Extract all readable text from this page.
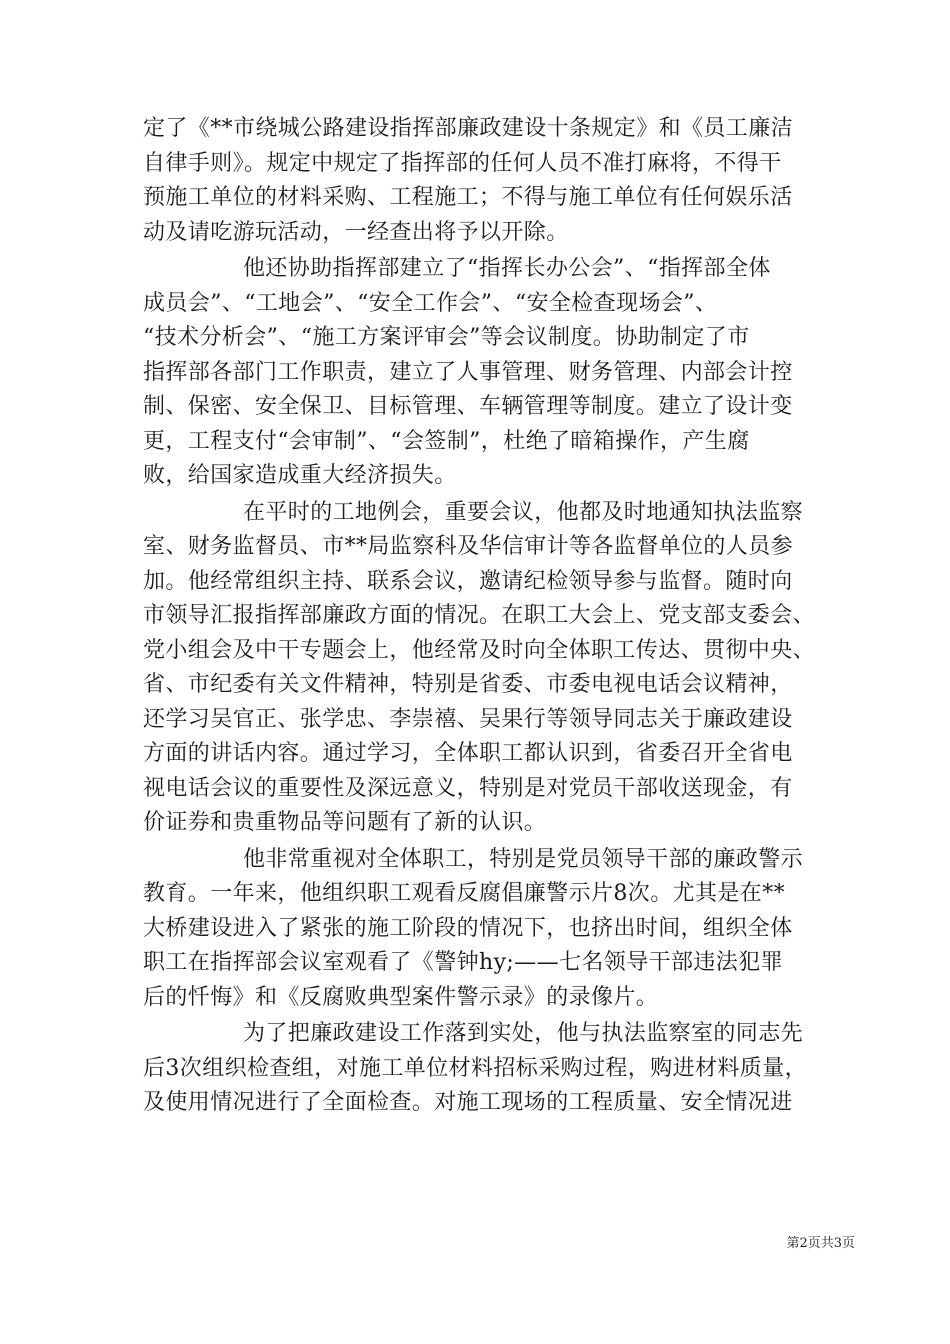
定了《**市绕城公路建设指挥部廉政建设十条规定》和《员工廉洁
自律手则》。规定中规定了指挥部的任何人员不准打麻将，不得干
预施工单位的材料采购、工程施工；不得与施工单位有任何娱乐活
动及请吃游玩活动，一经查出将予以开除。

他还协助指挥部建立了“指挥长办公会”、“指挥部全体
成员会”、“工地会”、“安全工作会”、“安全检查现场会”、
“技术分析会”、“施工方案评审会”等会议制度。协助制定了市
指挥部各部门工作职责，建立了人事管理、财务管理、内部会计控
制、保密、安全保卫、目标管理、车辆管理等制度。建立了设计变
更，工程支付“会审制”、“会签制”，杜绝了暗箱操作，产生腐
败，给国家造成重大经济损失。

在平时的工地例会，重要会议，他都及时地通知执法监察
室、财务监督员、市**局监察科及华信审计等各监督单位的人员参
加。他经常组织主持、联系会议，邀请纪检领导参与监督。随时向
市领导汇报指挥部廉政方面的情况。在职工大会上、党支部支委会、
党小组会及中干专题会上，他经常及时向全体职工传达、贯彻中央、
省、市纪委有关文件精神，特别是省委、市委电视电话会议精神，
还学习吴官正、张学忠、李崇禧、吴果行等领导同志关于廉政建设
方面的讲话内容。通过学习，全体职工都认识到，省委召开全省电
视电话会议的重要性及深远意义，特别是对党员干部收送现金，有
价证券和贵重物品等问题有了新的认识。

他非常重视对全体职工，特别是党员领导干部的廉政警示
教育。一年来，他组织职工观看反腐倡廉警示片8次。尤其是在**
大桥建设进入了紧张的施工阶段的情况下，也挤出时间，组织全体
职工在指挥部会议室观看了《警钟hy;——七名领导干部违法犯罪
后的忏悔》和《反腐败典型案件警示录》的录像片。

为了把廉政建设工作落到实处，他与执法监察室的同志先
后3次组织检查组，对施工单位材料招标采购过程，购进材料质量，
及使用情况进行了全面检查。对施工现场的工程质量、安全情况进

第2页共3页
